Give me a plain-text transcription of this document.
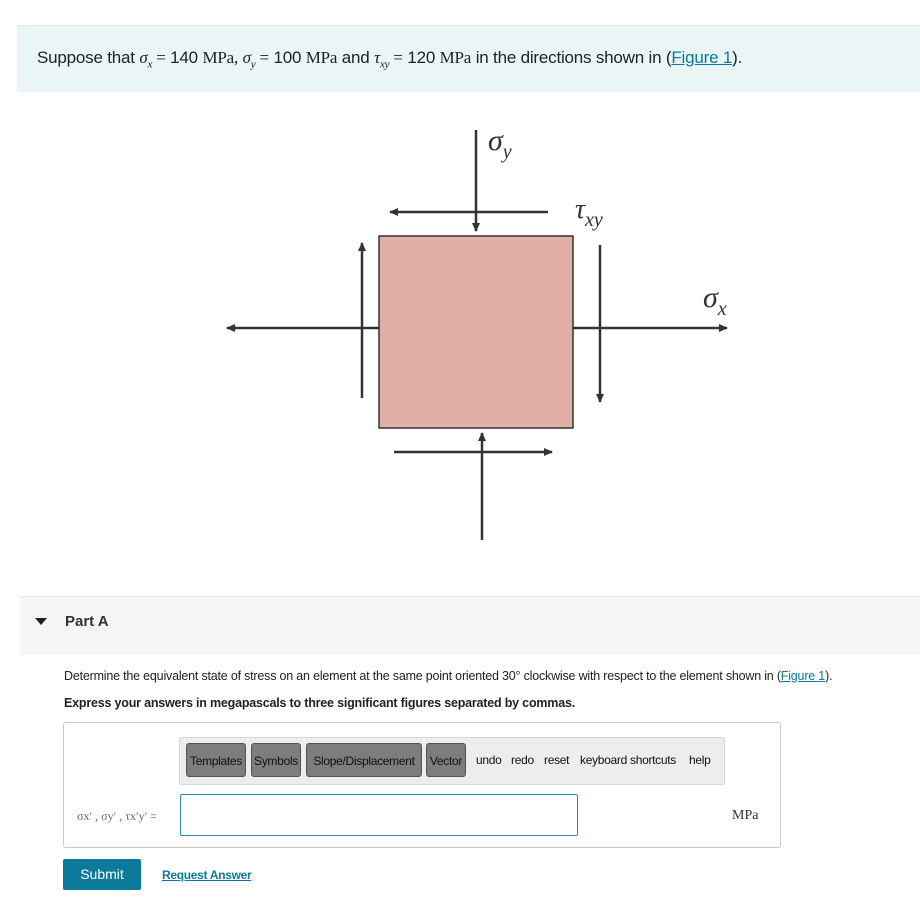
Suppose that $\sigma_x = 140$ MPa, $\sigma_y = 100$ MPa and $\tau_{xy} = 120$ MPa in the directions shown in (Figure 1).
$\sigma_y$
$\tau_{xy}$
$\sigma_x$
Part A
Determine the equivalent state of stress on an element at the same point oriented 30° clockwise with respect to the element shown in (Figure 1).
Express your answers in megapascals to three significant figures separated by commas.
Templates	Symbols	Slope/Displacement	Vector	undo redo reset keyboard shortcuts help
σx′ , σy′ , τx′y′ =	MPa
Submit	Request Answer
